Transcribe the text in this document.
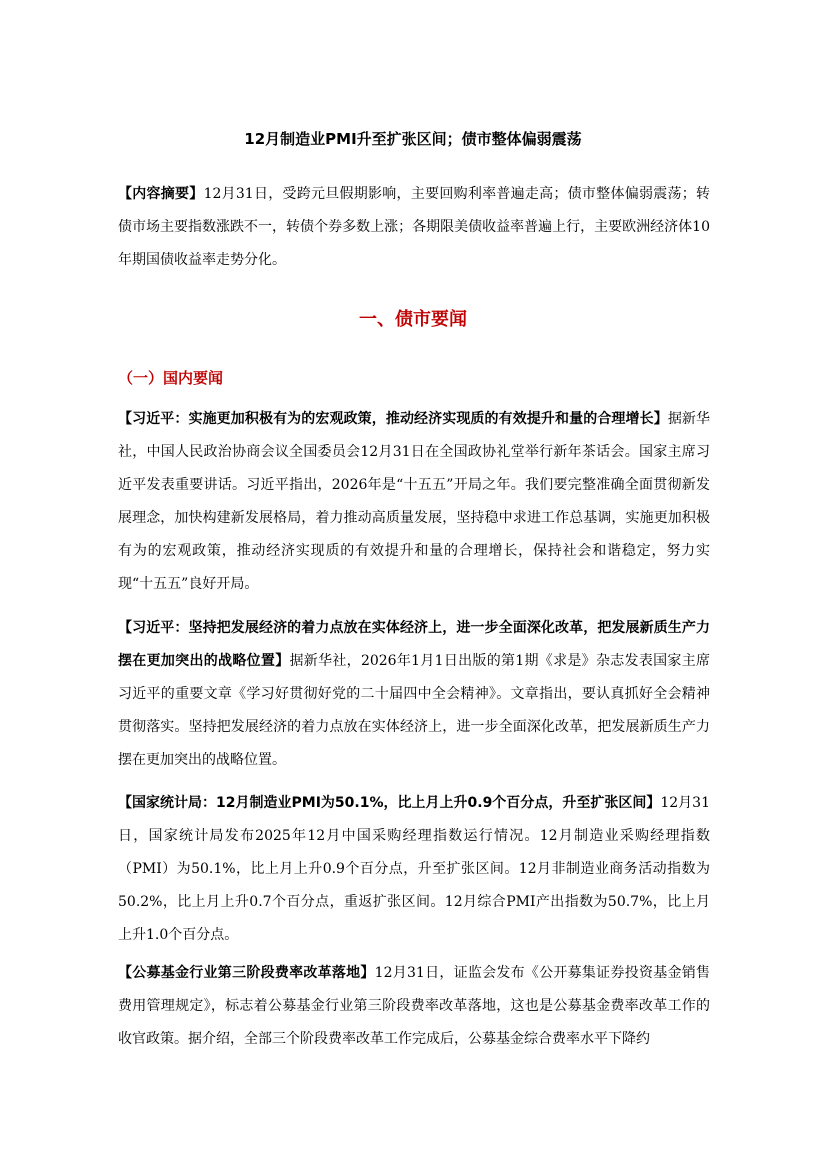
12月制造业PMI升至扩张区间；债市整体偏弱震荡
【内容摘要】12月31日，受跨元旦假期影响，主要回购利率普遍走高；债市整体偏弱震荡；转债市场主要指数涨跌不一，转债个券多数上涨；各期限美债收益率普遍上行，主要欧洲经济体10年期国债收益率走势分化。
一、债市要闻
（一）国内要闻
【习近平：实施更加积极有为的宏观政策，推动经济实现质的有效提升和量的合理增长】据新华社，中国人民政治协商会议全国委员会12月31日在全国政协礼堂举行新年茶话会。国家主席习近平发表重要讲话。习近平指出，2026年是“十五五”开局之年。我们要完整准确全面贯彻新发展理念，加快构建新发展格局，着力推动高质量发展，坚持稳中求进工作总基调，实施更加积极有为的宏观政策，推动经济实现质的有效提升和量的合理增长，保持社会和谐稳定，努力实现“十五五”良好开局。
【习近平：坚持把发展经济的着力点放在实体经济上，进一步全面深化改革，把发展新质生产力摆在更加突出的战略位置】据新华社，2026年1月1日出版的第1期《求是》杂志发表国家主席习近平的重要文章《学习好贯彻好党的二十届四中全会精神》。文章指出，要认真抓好全会精神贯彻落实。坚持把发展经济的着力点放在实体经济上，进一步全面深化改革，把发展新质生产力摆在更加突出的战略位置。
【国家统计局：12月制造业PMI为50.1%，比上月上升0.9个百分点，升至扩张区间】12月31日，国家统计局发布2025年12月中国采购经理指数运行情况。12月制造业采购经理指数（PMI）为50.1%，比上月上升0.9个百分点，升至扩张区间。12月非制造业商务活动指数为50.2%，比上月上升0.7个百分点，重返扩张区间。12月综合PMI产出指数为50.7%，比上月上升1.0个百分点。
【公募基金行业第三阶段费率改革落地】12月31日，证监会发布《公开募集证券投资基金销售费用管理规定》，标志着公募基金行业第三阶段费率改革落地，这也是公募基金费率改革工作的收官政策。据介绍，全部三个阶段费率改革工作完成后，公募基金综合费率水平下降约
